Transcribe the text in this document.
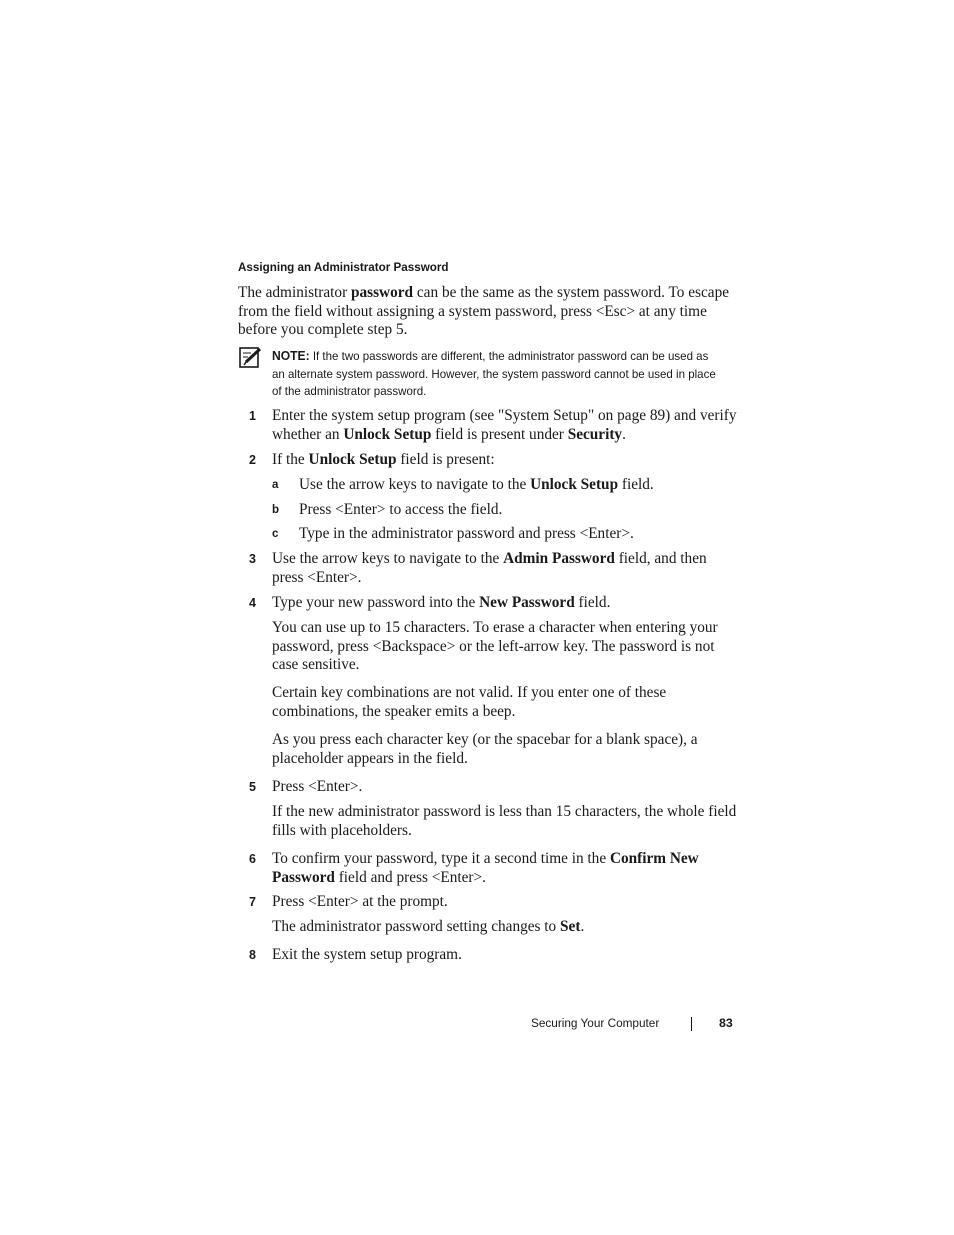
Assigning an Administrator Password
The administrator password can be the same as the system password. To escape from the field without assigning a system password, press <Esc> at any time before you complete step 5.
NOTE: If the two passwords are different, the administrator password can be used as an alternate system password. However, the system password cannot be used in place of the administrator password.
1 Enter the system setup program (see "System Setup" on page 89) and verify whether an Unlock Setup field is present under Security.
2 If the Unlock Setup field is present:
a Use the arrow keys to navigate to the Unlock Setup field.
b Press <Enter> to access the field.
c Type in the administrator password and press <Enter>.
3 Use the arrow keys to navigate to the Admin Password field, and then press <Enter>.
4 Type your new password into the New Password field.
You can use up to 15 characters. To erase a character when entering your password, press <Backspace> or the left-arrow key. The password is not case sensitive.
Certain key combinations are not valid. If you enter one of these combinations, the speaker emits a beep.
As you press each character key (or the spacebar for a blank space), a placeholder appears in the field.
5 Press <Enter>.
If the new administrator password is less than 15 characters, the whole field fills with placeholders.
6 To confirm your password, type it a second time in the Confirm New Password field and press <Enter>.
7 Press <Enter> at the prompt.
The administrator password setting changes to Set.
8 Exit the system setup program.
Securing Your Computer	83
